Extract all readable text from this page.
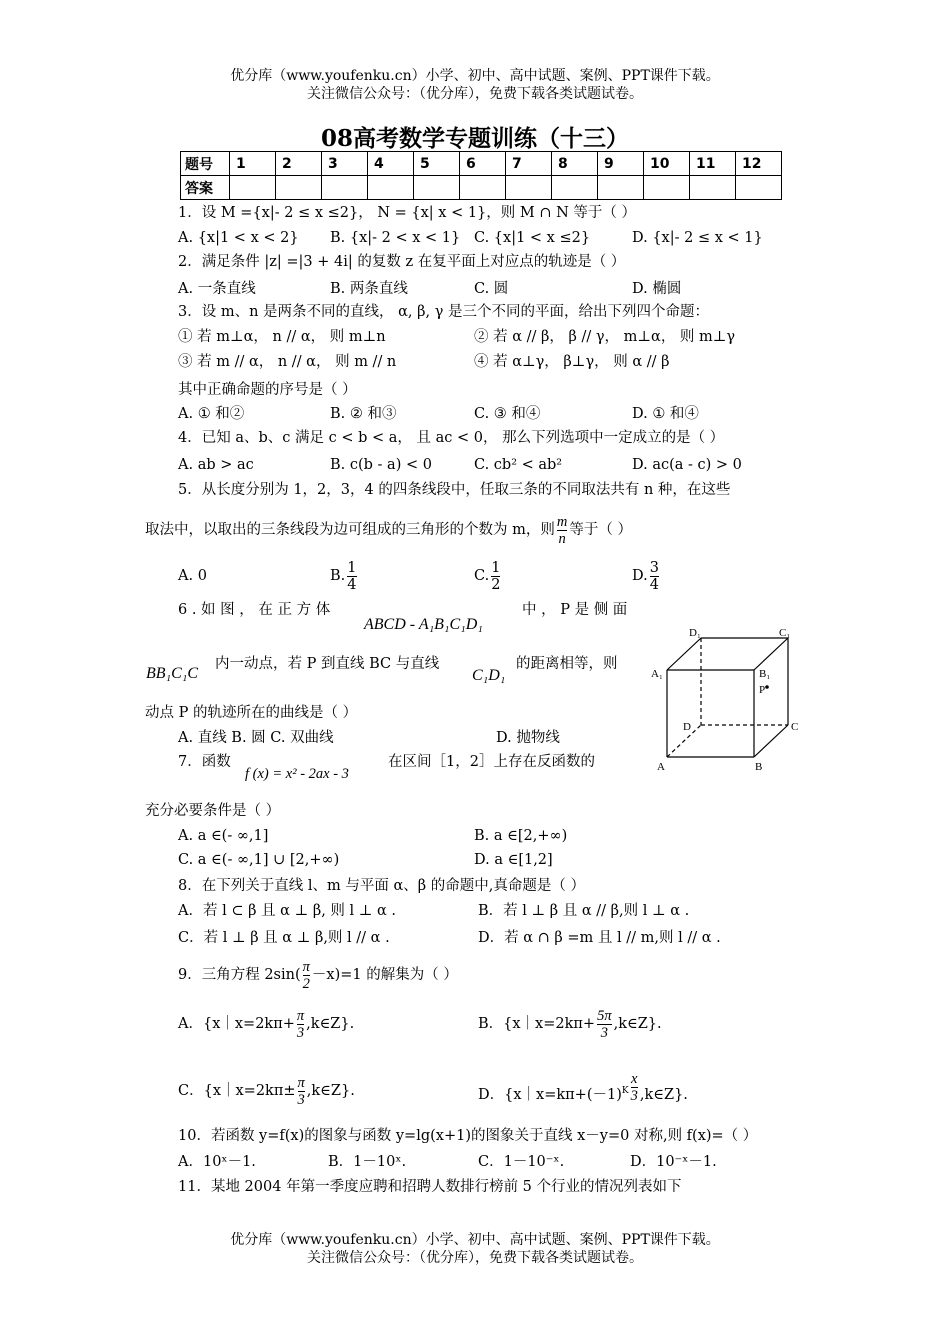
优分库（www.youfenku.cn）小学、初中、高中试题、案例、PPT课件下载。
关注微信公众号：（优分库），免费下载各类试题试卷。
08高考数学专题训练（十三）
题号	1	2	3	4	5	6	7	8	9	10	11	12
答案												
1．设 M ={x|- 2 ≤ x ≤2}， N = {x| x < 1}，则 M ∩ N 等于（ ）
A. {x|1 < x < 2} B. {x|- 2 < x < 1} C. {x|1 < x ≤2}	D. {x|- 2 ≤ x < 1}
2．满足条件 |z| =|3 + 4i| 的复数 z 在复平面上对应点的轨迹是（ ）
A. 一条直线	B. 两条直线	C. 圆	D. 椭圆
3．设 m、n 是两条不同的直线， α, β, γ 是三个不同的平面，给出下列四个命题：
① 若 m⊥α， n // α， 则 m⊥n	② 若 α // β， β // γ， m⊥α， 则 m⊥γ
③ 若 m // α， n // α， 则 m // n	④ 若 α⊥γ， β⊥γ， 则 α // β
其中正确命题的序号是（ ）
A. ① 和②	B. ② 和③	C. ③ 和④	D. ① 和④
4．已知 a、b、c 满足 c < b < a， 且 ac < 0， 那么下列选项中一定成立的是（ ）
A. ab > ac	B. c(b - a) < 0	C. cb² < ab²	D. ac(a - c) > 0
5．从长度分别为 1，2，3，4 的四条线段中，任取三条的不同取法共有 n 种，在这些
取法中，以取出的三条线段为边可组成的三角形的个数为 m，则 $\frac{m}{n}$ 等于（ ）
A. 0	B. $\frac{1}{4}$	C. $\frac{1}{2}$	D. $\frac{3}{4}$
6 . 如 图 ， 在 正 方 体
ABCD - A₁B₁C₁D₁
中 ， P 是 侧 面
BB₁C₁C
内一动点，若 P 到直线 BC 与直线
C₁D₁
的距离相等，则
动点 P 的轨迹所在的曲线是（ ）
A. 直线 B. 圆 C. 双曲线	D. 抛物线
D₁	C₁
A₁	B₁
P
D	C
A	B
7．函数
f (x) = x² - 2ax - 3
在区间［1，2］上存在反函数的
充分必要条件是（ ）
A. a ∈(- ∞,1]	B. a ∈[2,+∞)
C. a ∈(- ∞,1] ∪ [2,+∞)	D. a ∈[1,2]
8．在下列关于直线 l、m 与平面 α、β 的命题中,真命题是（ ）
A．若 l ⊂ β 且 α ⊥ β, 则 l ⊥ α .	B．若 l ⊥ β 且 α // β,则 l ⊥ α .
C．若 l ⊥ β 且 α ⊥ β,则 l // α .	D．若 α ∩ β =m 且 l // m,则 l // α .
9．三角方程 $2\sin( \frac{\pi}{2} -x)=1$ 的解集为（ ）
A．{x｜x=2kπ+ $\frac{\pi}{3}$ ,k∈Z}.	B．{x｜x=2kπ+ $\frac{5\pi}{3}$ ,k∈Z}.
C．{x｜x=2kπ± $\frac{\pi}{3}$ ,k∈Z}.	D．{$x|x=k\pi+(-1)^K \frac{x}{3}$ ,k∈Z}.
10．若函数 y=f(x)的图象与函数 y=lg(x+1)的图象关于直线 x－y=0 对称,则 f(x)=（ ）
A．10ˣ－1.	B．1－10ˣ.	C．1－10⁻ˣ.	D．10⁻ˣ－1.
11．某地 2004 年第一季度应聘和招聘人数排行榜前 5 个行业的情况列表如下
优分库（www.youfenku.cn）小学、初中、高中试题、案例、PPT课件下载。
关注微信公众号：（优分库），免费下载各类试题试卷。
